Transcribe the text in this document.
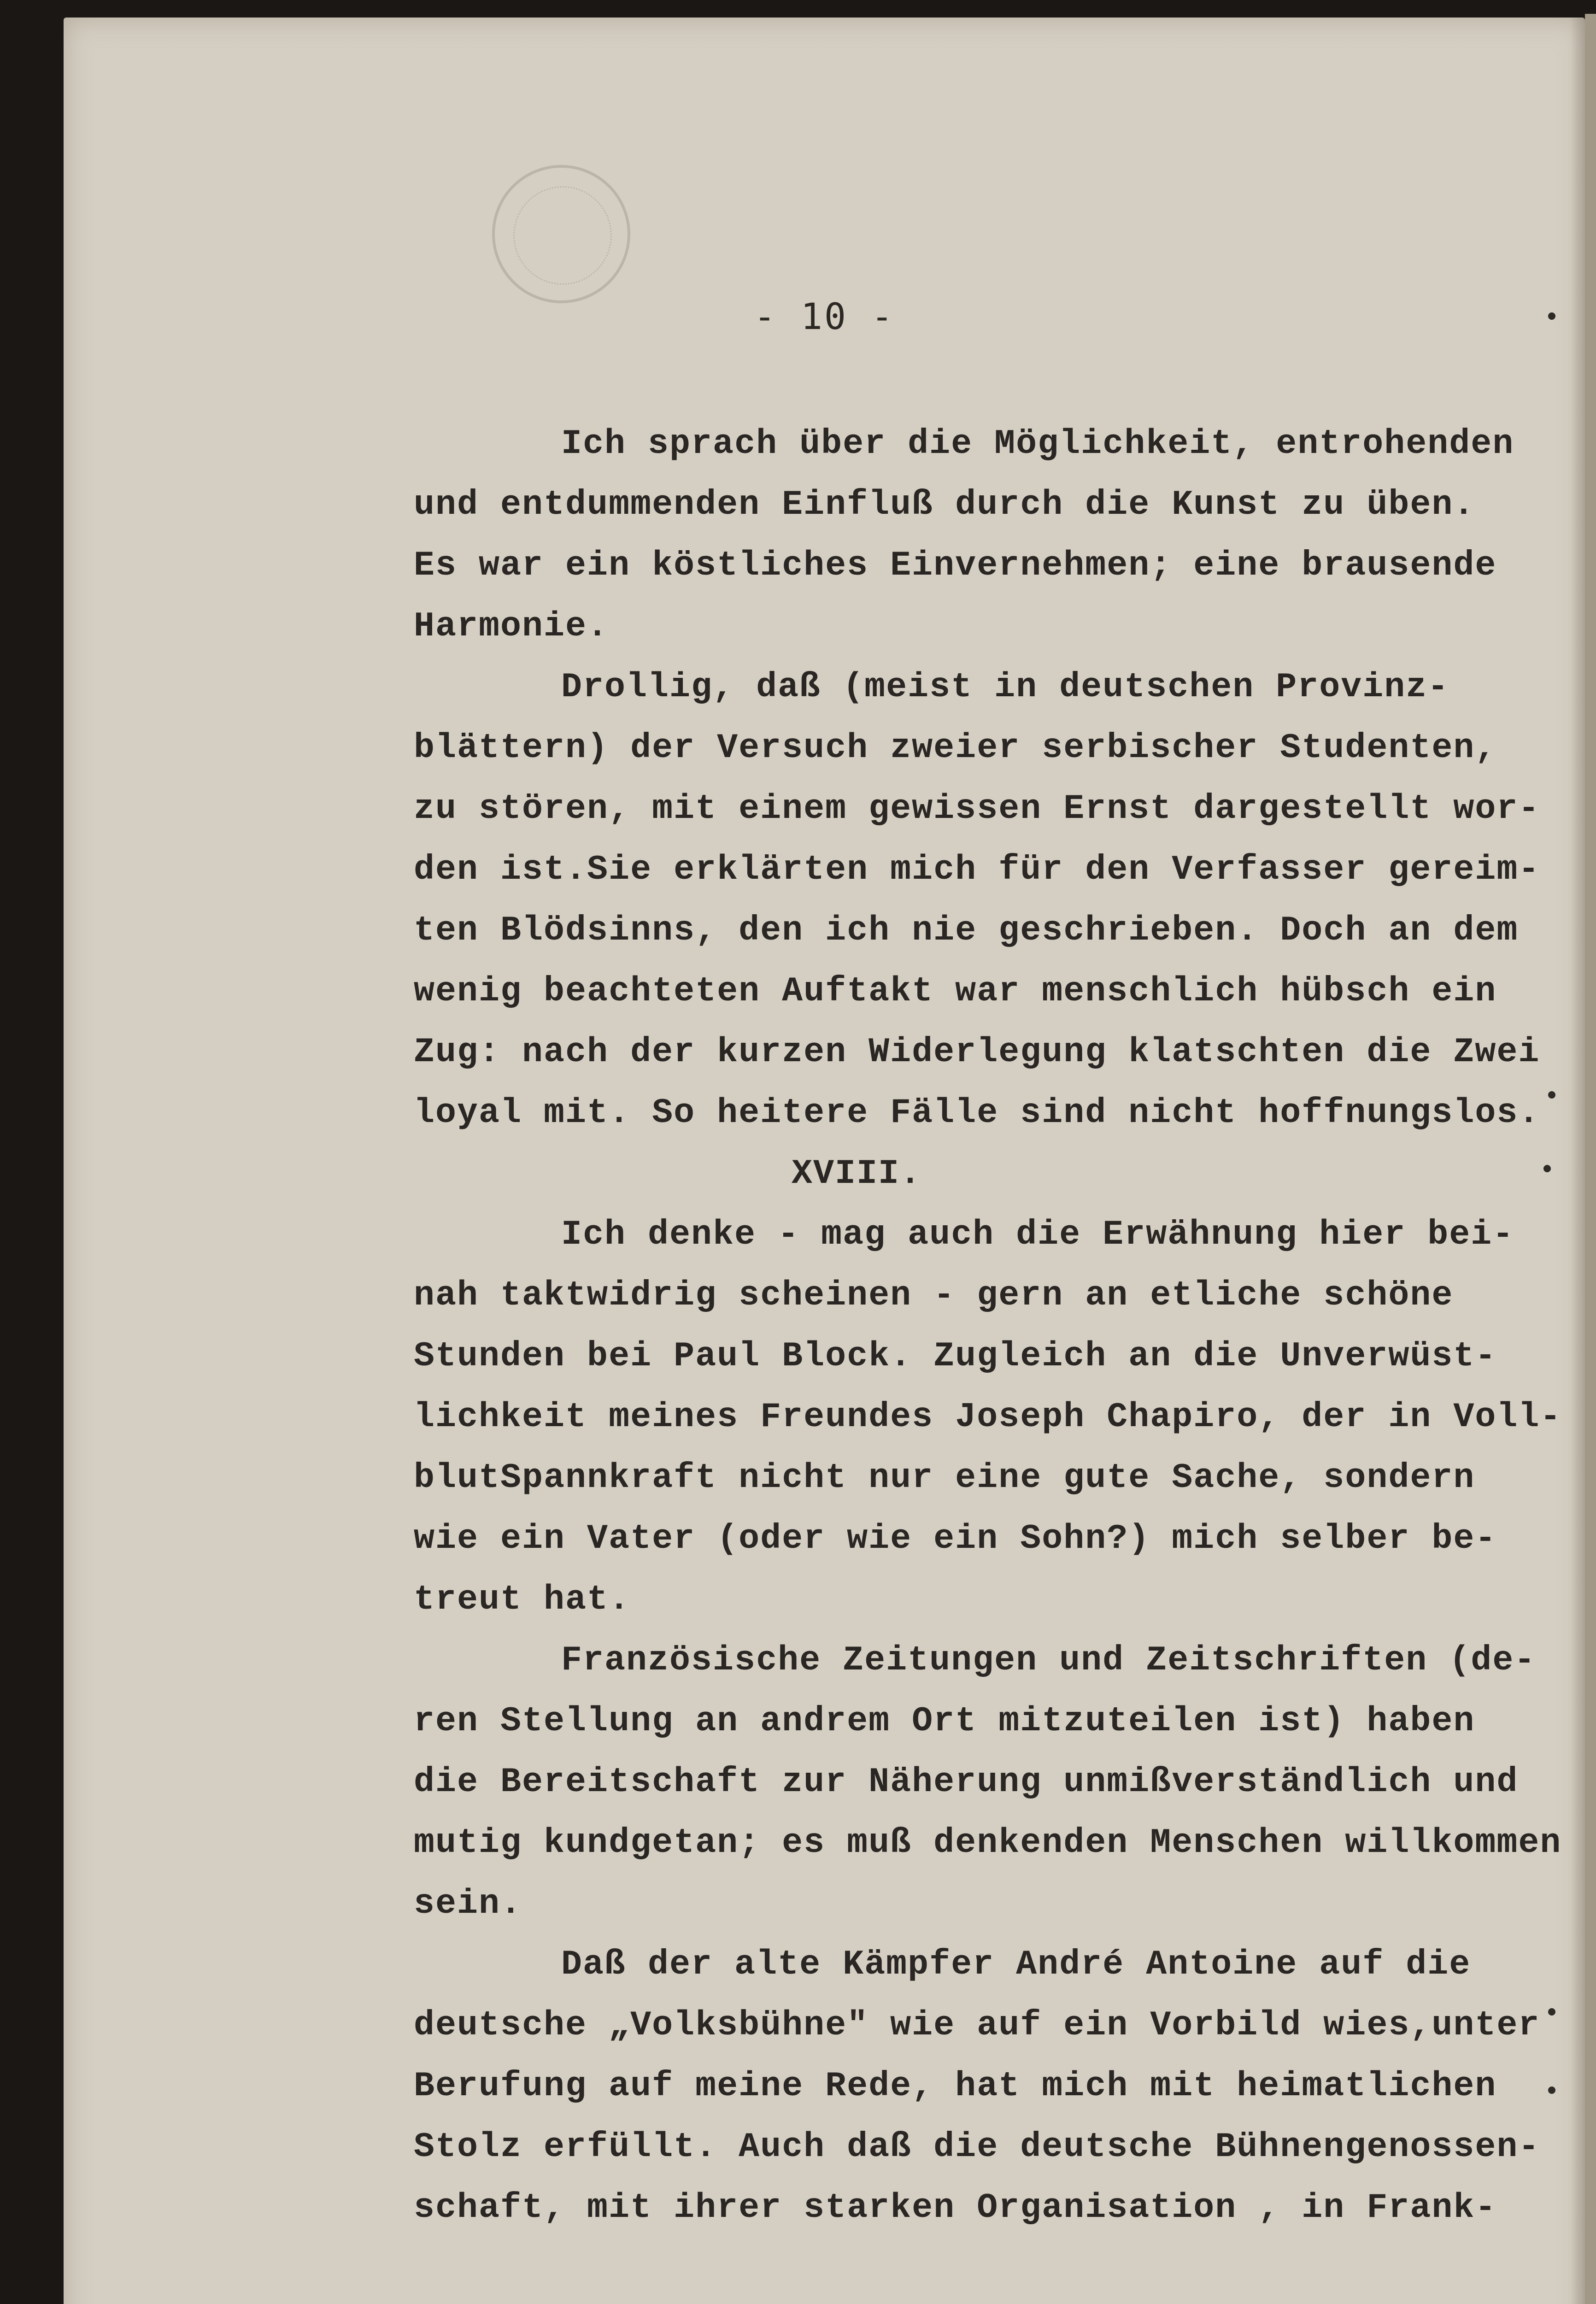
- 10 -
Ich sprach über die Möglichkeit, entrohenden
und entdummenden Einfluß durch die Kunst zu üben.
Es war ein köstliches Einvernehmen; eine brausende
Harmonie.
Drollig, daß (meist in deutschen Provinz-
blättern) der Versuch zweier serbischer Studenten,
zu stören, mit einem gewissen Ernst dargestellt wor-
den ist.Sie erklärten mich für den Verfasser gereim-
ten Blödsinns, den ich nie geschrieben. Doch an dem
wenig beachteten Auftakt war menschlich hübsch ein
Zug: nach der kurzen Widerlegung klatschten die Zwei
loyal mit. So heitere Fälle sind nicht hoffnungslos.
XVIII.
Ich denke - mag auch die Erwähnung hier bei-
nah taktwidrig scheinen - gern an etliche schöne
Stunden bei Paul Block. Zugleich an die Unverwüst-
lichkeit meines Freundes Joseph Chapiro, der in Voll-
blutSpannkraft nicht nur eine gute Sache, sondern
wie ein Vater (oder wie ein Sohn?) mich selber be-
treut hat.
Französische Zeitungen und Zeitschriften (de-
ren Stellung an andrem Ort mitzuteilen ist) haben
die Bereitschaft zur Näherung unmißverständlich und
mutig kundgetan; es muß denkenden Menschen willkommen
sein.
Daß der alte Kämpfer André Antoine auf die
deutsche „Volksbühne" wie auf ein Vorbild wies,unter
Berufung auf meine Rede, hat mich mit heimatlichen
Stolz erfüllt. Auch daß die deutsche Bühnengenossen-
schaft, mit ihrer starken Organisation , in Frank-
